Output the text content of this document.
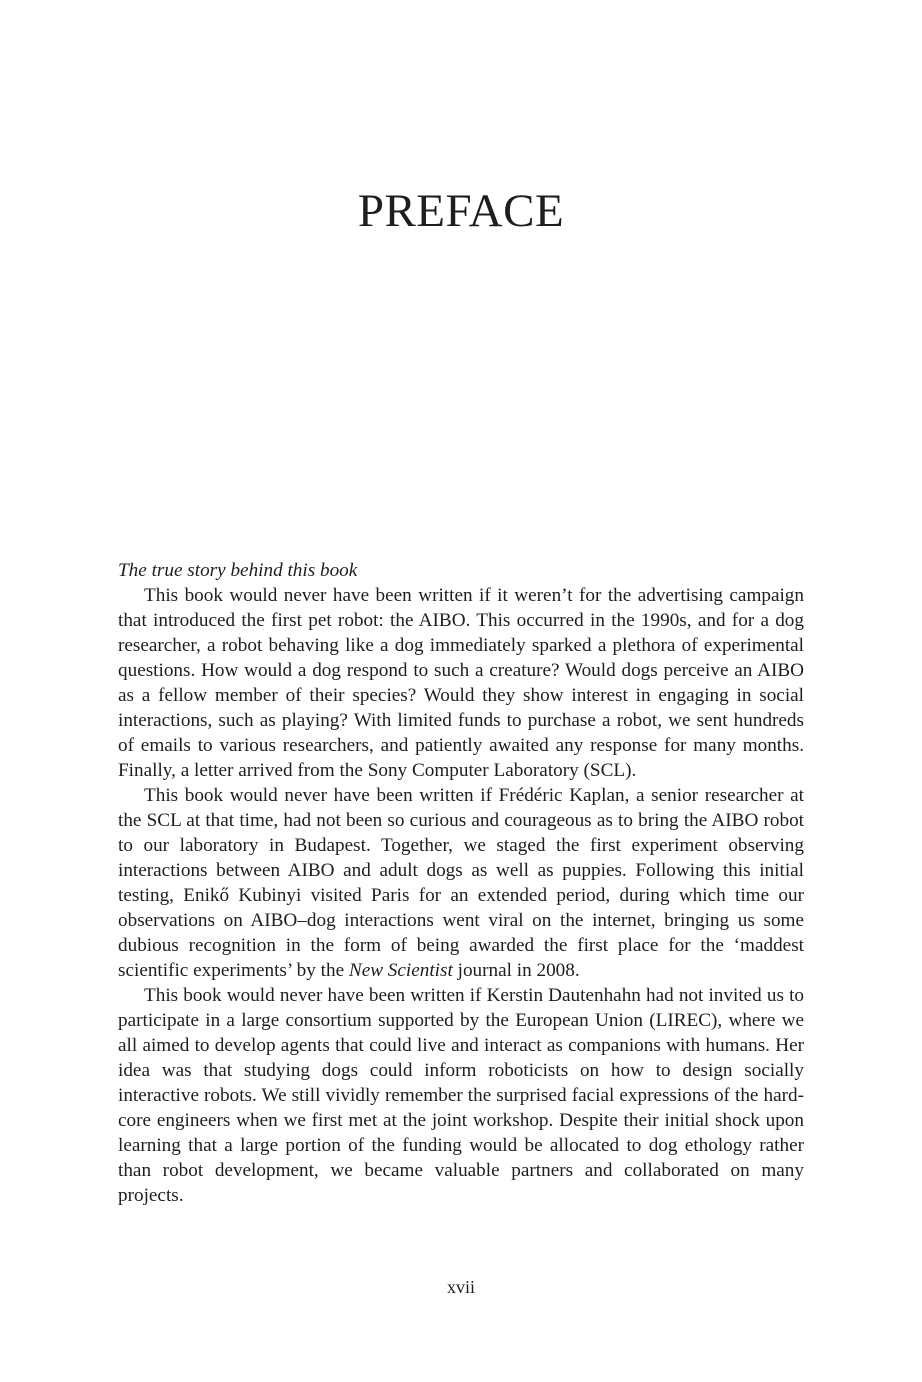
PREFACE

The true story behind this book

This book would never have been written if it weren’t for the advertising campaign that introduced the first pet robot: the AIBO. This occurred in the 1990s, and for a dog researcher, a robot behaving like a dog immediately sparked a plethora of experimental questions. How would a dog respond to such a creature? Would dogs perceive an AIBO as a fellow member of their species? Would they show interest in engaging in social interactions, such as playing? With limited funds to purchase a robot, we sent hundreds of emails to various researchers, and patiently awaited any response for many months. Finally, a letter arrived from the Sony Computer Laboratory (SCL).

This book would never have been written if Frédéric Kaplan, a senior researcher at the SCL at that time, had not been so curious and courageous as to bring the AIBO robot to our laboratory in Budapest. Together, we staged the first experiment observing interactions between AIBO and adult dogs as well as puppies. Following this initial testing, Enikő Kubinyi visited Paris for an extended period, during which time our observations on AIBO–dog interactions went viral on the internet, bringing us some dubious recognition in the form of being awarded the first place for the ‘maddest scientific experiments’ by the New Scientist journal in 2008.

This book would never have been written if Kerstin Dautenhahn had not invited us to participate in a large consortium supported by the European Union (LIREC), where we all aimed to develop agents that could live and interact as companions with humans. Her idea was that studying dogs could inform roboticists on how to design socially interactive robots. We still vividly remember the surprised facial expressions of the hard-core engineers when we first met at the joint workshop. Despite their initial shock upon learning that a large portion of the funding would be allocated to dog ethology rather than robot development, we became valuable partners and collaborated on many projects.

xvii
